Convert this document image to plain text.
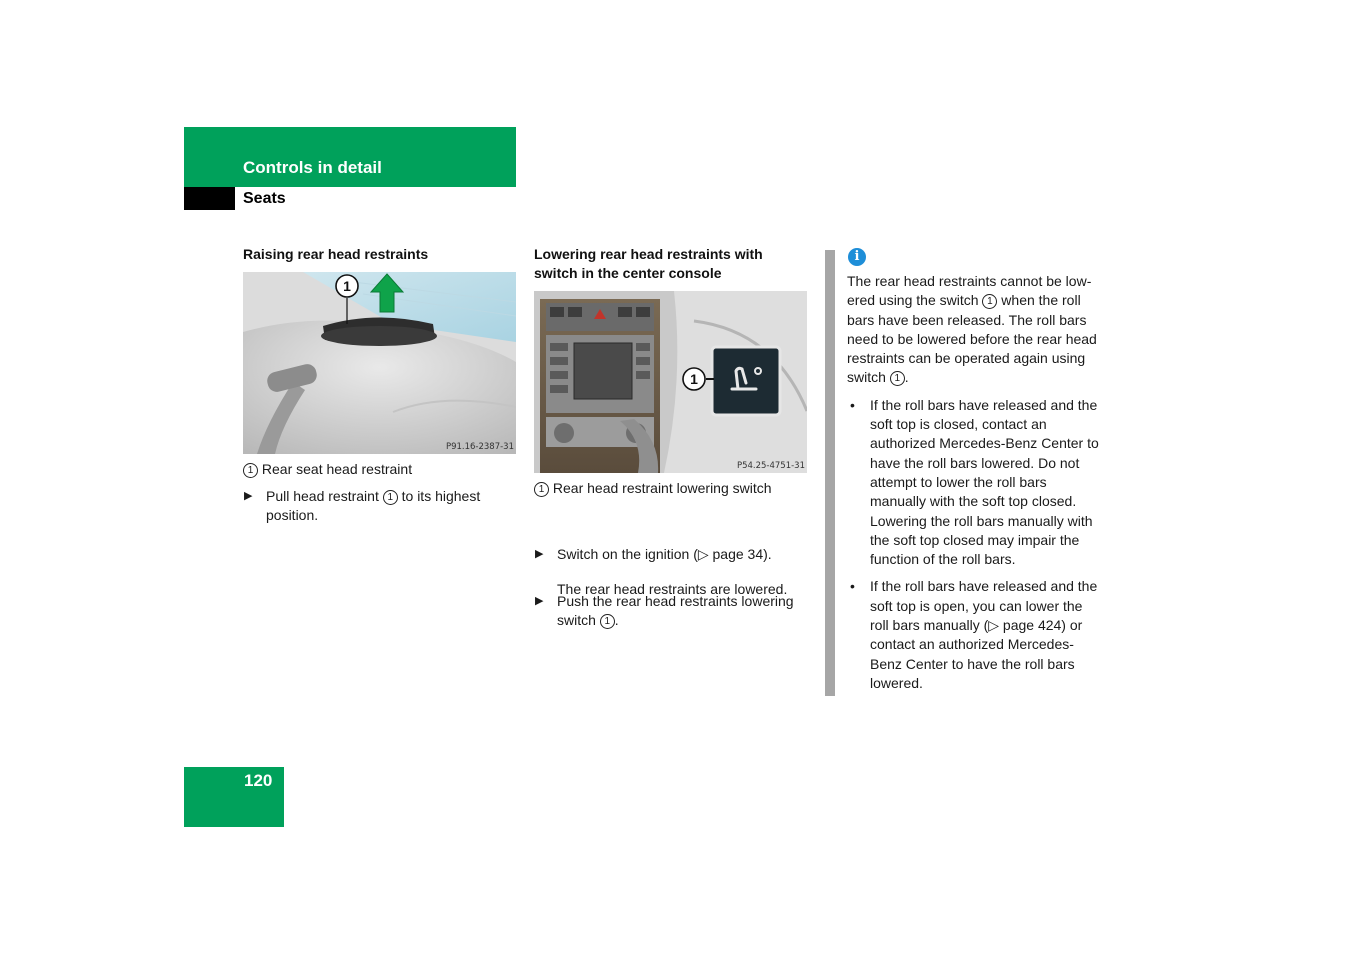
Controls in detail
Seats
Raising rear head restraints
1
P91.16-2387-31
1 Rear seat head restraint
▶ Pull head restraint 1 to its highest position.
Lowering rear head restraints with switch in the center console
1
P54.25-4751-31
1 Rear head restraint lowering switch
▶ Switch on the ignition (▷ page 34).
▶ Push the rear head restraints lowering switch 1 .
The rear head restraints are lowered.
i
The rear head restraints cannot be low-ered using the switch 1 when the roll bars have been released. The roll bars need to be lowered before the rear head restraints can be operated again using switch 1 .
• If the roll bars have released and the soft top is closed, contact an authorized Mercedes-Benz Center to have the roll bars lowered. Do not attempt to lower the roll bars manually with the soft top closed. Lowering the roll bars manually with the soft top closed may impair the function of the roll bars.
• If the roll bars have released and the soft top is open, you can lower the roll bars manually (▷ page 424) or contact an authorized Mercedes-Benz Center to have the roll bars lowered.
120
